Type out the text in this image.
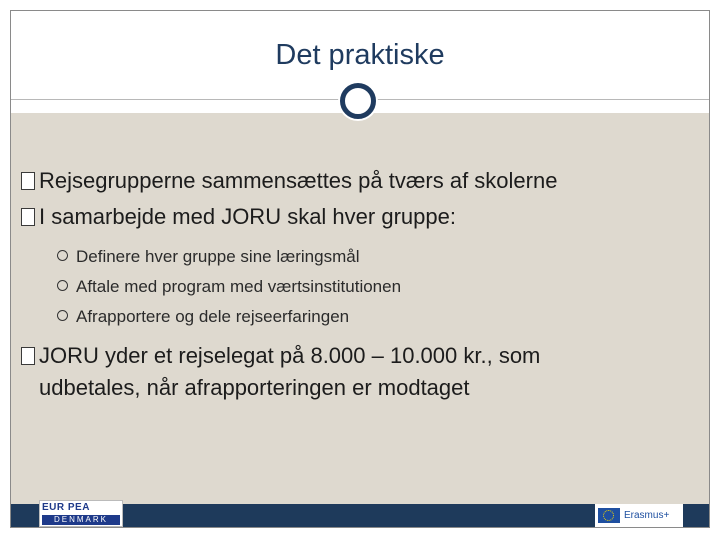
Det praktiske
Rejsegrupperne sammensættes på tværs af skolerne
I samarbejde med JORU skal hver gruppe:
Definere hver gruppe sine læringsmål
Aftale med program med værtsinstitutionen
Afrapportere og dele rejseerfaringen
JORU yder et rejselegat på 8.000 – 10.000 kr., som
udbetales, når afrapporteringen er modtaget
EUR PEA
DENMARK	Erasmus+
